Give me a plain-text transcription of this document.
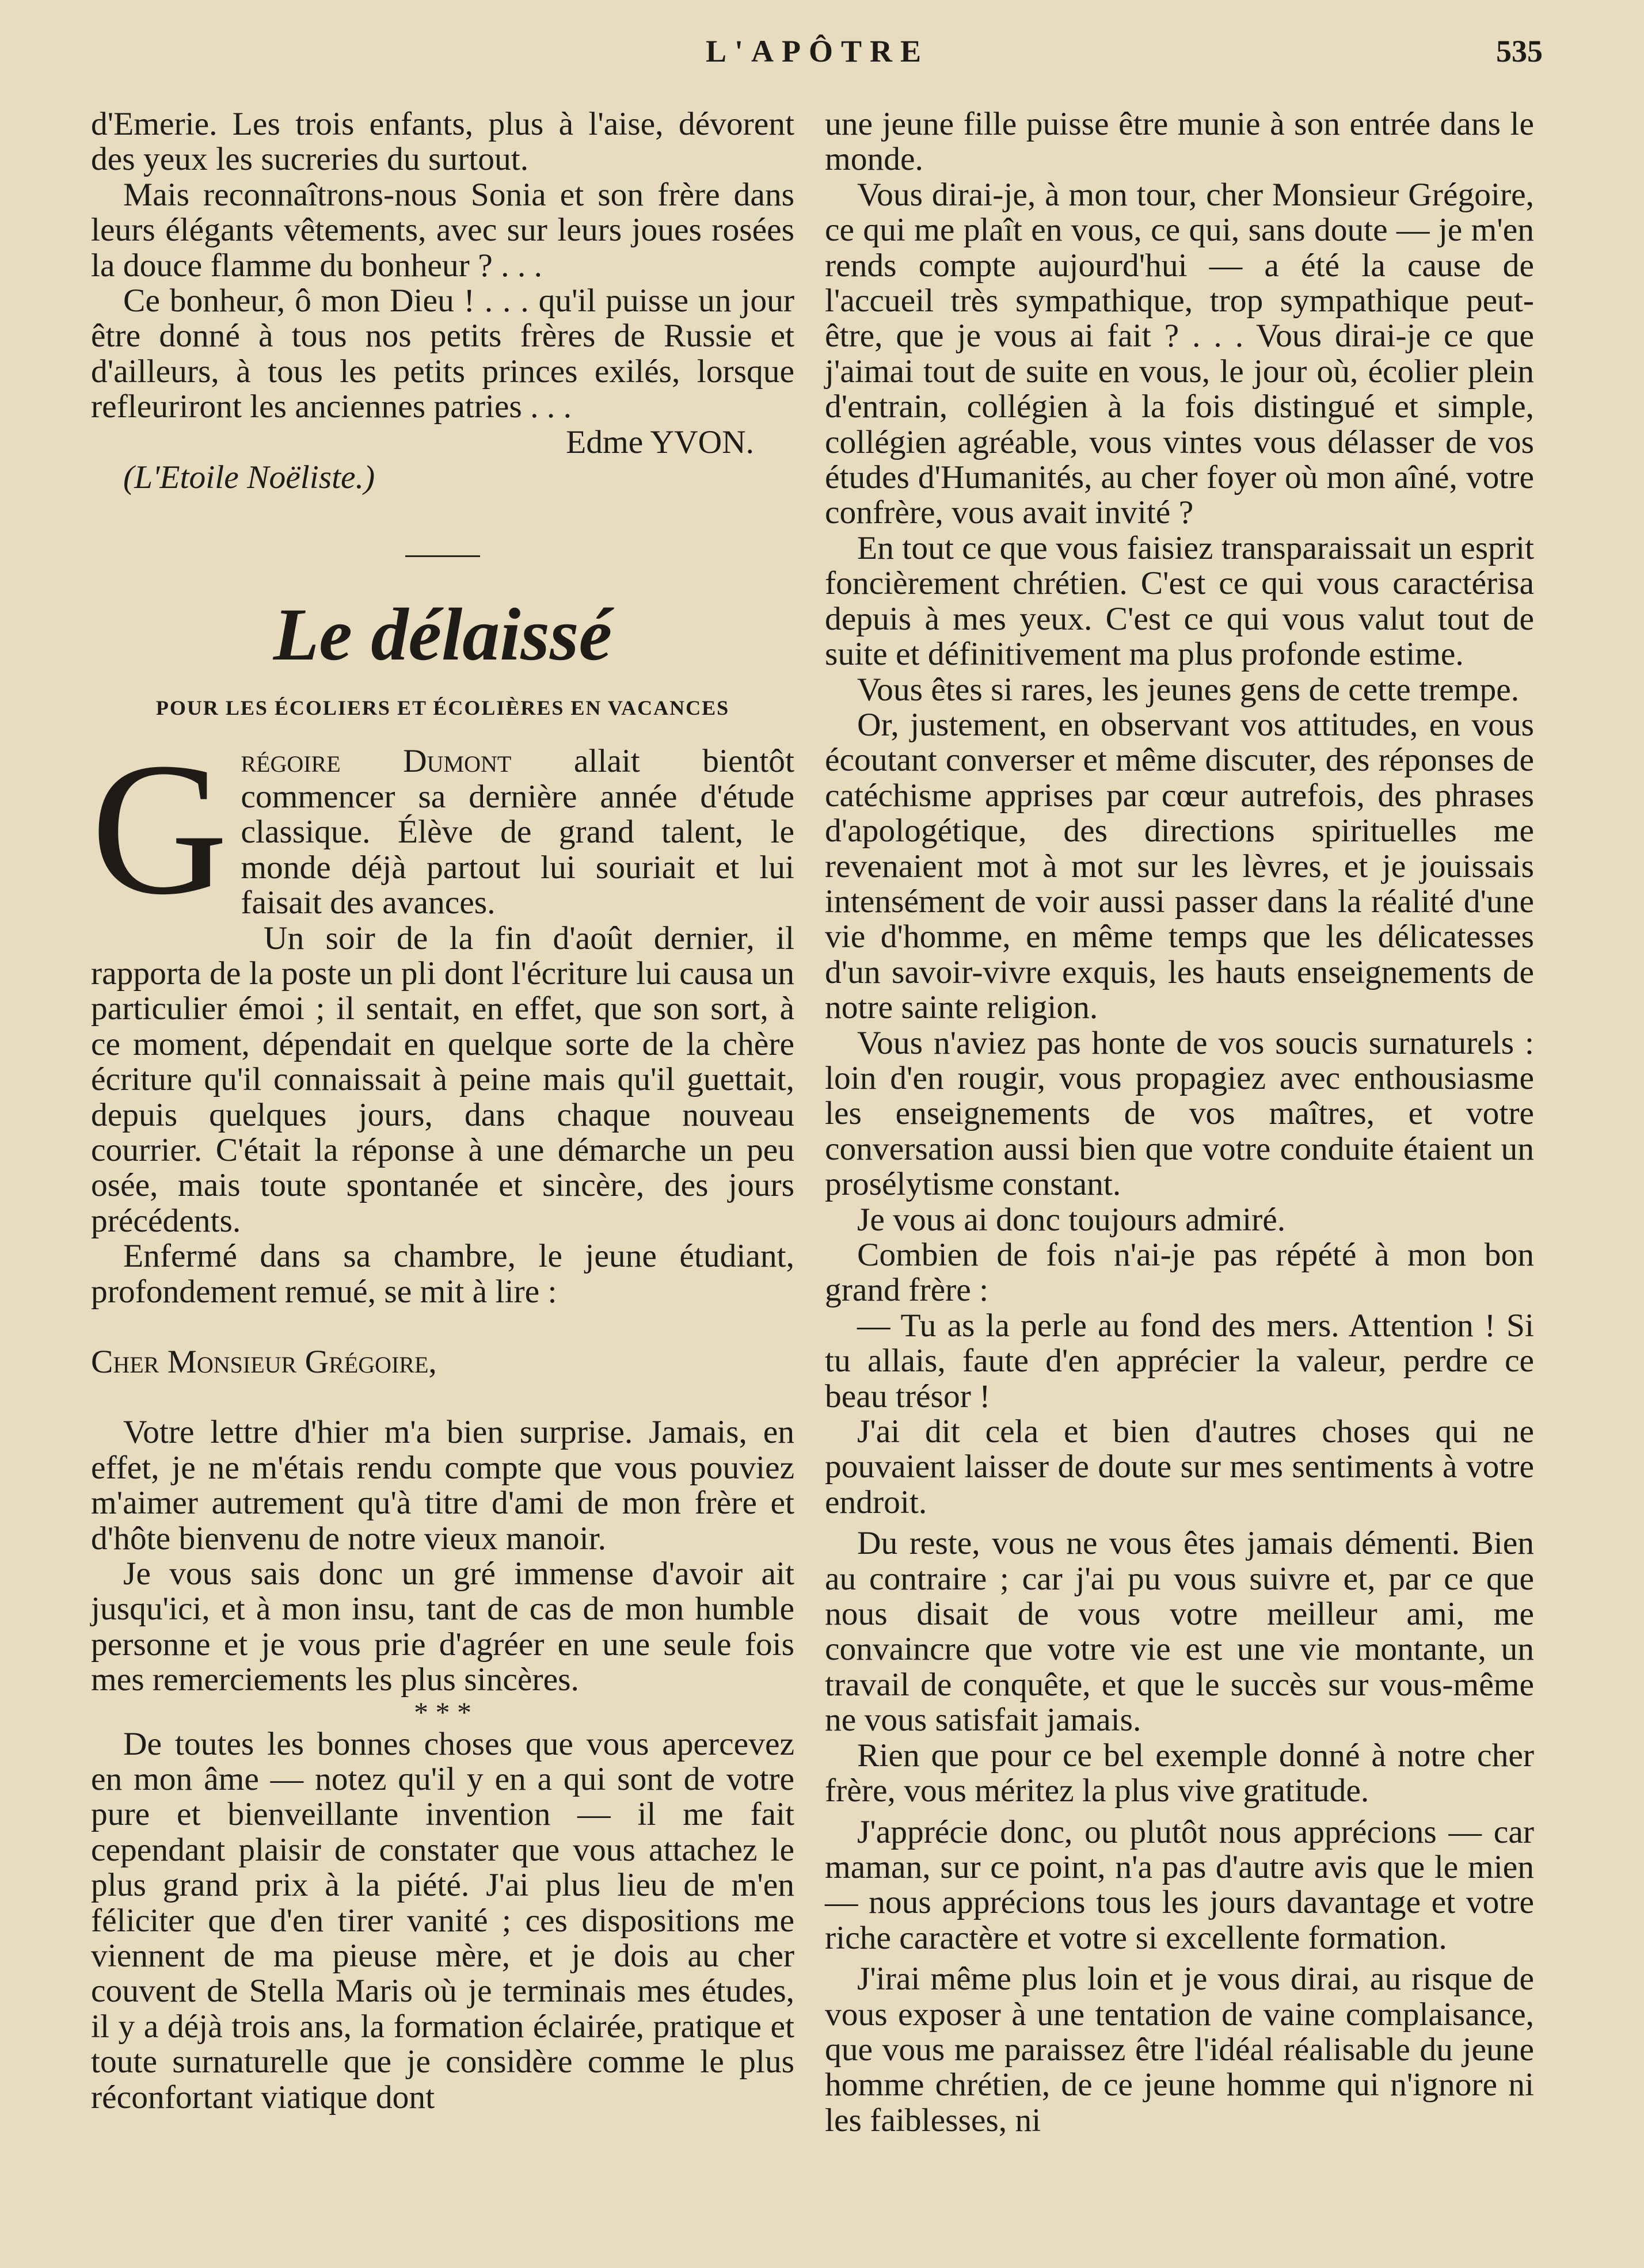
L'APÔTRE	535

d'Emerie. Les trois enfants, plus à l'aise, dévorent des yeux les sucreries du surtout.

Mais reconnaîtrons-nous Sonia et son frère dans leurs élégants vêtements, avec sur leurs joues rosées la douce flamme du bonheur ? . . .

Ce bonheur, ô mon Dieu ! . . . qu'il puisse un jour être donné à tous nos petits frères de Russie et d'ailleurs, à tous les petits princes exilés, lorsque refleuriront les anciennes patries . . .

Edme YVON.

(L'Etoile Noëliste.)

Le délaissé
POUR LES ÉCOLIERS ET ÉCOLIÈRES EN VACANCES

Grégoire Dumont allait bientôt commencer sa dernière année d'étude classique. Élève de grand talent, le monde déjà partout lui souriait et lui faisait des avances.

Un soir de la fin d'août dernier, il rapporta de la poste un pli dont l'écriture lui causa un particulier émoi ; il sentait, en effet, que son sort, à ce moment, dépendait en quelque sorte de la chère écriture qu'il connaissait à peine mais qu'il guettait, depuis quelques jours, dans chaque nouveau courrier. C'était la réponse à une démarche un peu osée, mais toute spontanée et sincère, des jours précédents.

Enfermé dans sa chambre, le jeune étudiant, profondement remué, se mit à lire :

Cher Monsieur Grégoire,

Votre lettre d'hier m'a bien surprise. Jamais, en effet, je ne m'étais rendu compte que vous pouviez m'aimer autrement qu'à titre d'ami de mon frère et d'hôte bienvenu de notre vieux manoir.

Je vous sais donc un gré immense d'avoir ait jusqu'ici, et à mon insu, tant de cas de mon humble personne et je vous prie d'agréer en une seule fois mes remerciements les plus sincères.

* * *

De toutes les bonnes choses que vous apercevez en mon âme — notez qu'il y en a qui sont de votre pure et bienveillante invention — il me fait cependant plaisir de constater que vous attachez le plus grand prix à la piété. J'ai plus lieu de m'en féliciter que d'en tirer vanité ; ces dispositions me viennent de ma pieuse mère, et je dois au cher couvent de Stella Maris où je terminais mes études, il y a déjà trois ans, la formation éclairée, pratique et toute surnaturelle que je considère comme le plus réconfortant viatique dont

une jeune fille puisse être munie à son entrée dans le monde.

Vous dirai-je, à mon tour, cher Monsieur Grégoire, ce qui me plaît en vous, ce qui, sans doute — je m'en rends compte aujourd'hui — a été la cause de l'accueil très sympathique, trop sympathique peut-être, que je vous ai fait ? . . . Vous dirai-je ce que j'aimai tout de suite en vous, le jour où, écolier plein d'entrain, collégien à la fois distingué et simple, collégien agréable, vous vintes vous délasser de vos études d'Humanités, au cher foyer où mon aîné, votre confrère, vous avait invité ?

En tout ce que vous faisiez transparaissait un esprit foncièrement chrétien. C'est ce qui vous caractérisa depuis à mes yeux. C'est ce qui vous valut tout de suite et définitivement ma plus profonde estime.

Vous êtes si rares, les jeunes gens de cette trempe.

Or, justement, en observant vos attitudes, en vous écoutant converser et même discuter, des réponses de catéchisme apprises par cœur autrefois, des phrases d'apologétique, des directions spirituelles me revenaient mot à mot sur les lèvres, et je jouissais intensément de voir aussi passer dans la réalité d'une vie d'homme, en même temps que les délicatesses d'un savoir-vivre exquis, les hauts enseignements de notre sainte religion.

Vous n'aviez pas honte de vos soucis surnaturels : loin d'en rougir, vous propagiez avec enthousiasme les enseignements de vos maîtres, et votre conversation aussi bien que votre conduite étaient un prosélytisme constant.

Je vous ai donc toujours admiré.

Combien de fois n'ai-je pas répété à mon bon grand frère :

— Tu as la perle au fond des mers. Attention ! Si tu allais, faute d'en apprécier la valeur, perdre ce beau trésor !

J'ai dit cela et bien d'autres choses qui ne pouvaient laisser de doute sur mes sentiments à votre endroit.

Du reste, vous ne vous êtes jamais démenti. Bien au contraire ; car j'ai pu vous suivre et, par ce que nous disait de vous votre meilleur ami, me convaincre que votre vie est une vie montante, un travail de conquête, et que le succès sur vous-même ne vous satisfait jamais.

Rien que pour ce bel exemple donné à notre cher frère, vous méritez la plus vive gratitude.

J'apprécie donc, ou plutôt nous apprécions — car maman, sur ce point, n'a pas d'autre avis que le mien — nous apprécions tous les jours davantage et votre riche caractère et votre si excellente formation.

J'irai même plus loin et je vous dirai, au risque de vous exposer à une tentation de vaine complaisance, que vous me paraissez être l'idéal réalisable du jeune homme chrétien, de ce jeune homme qui n'ignore ni les faiblesses, ni
